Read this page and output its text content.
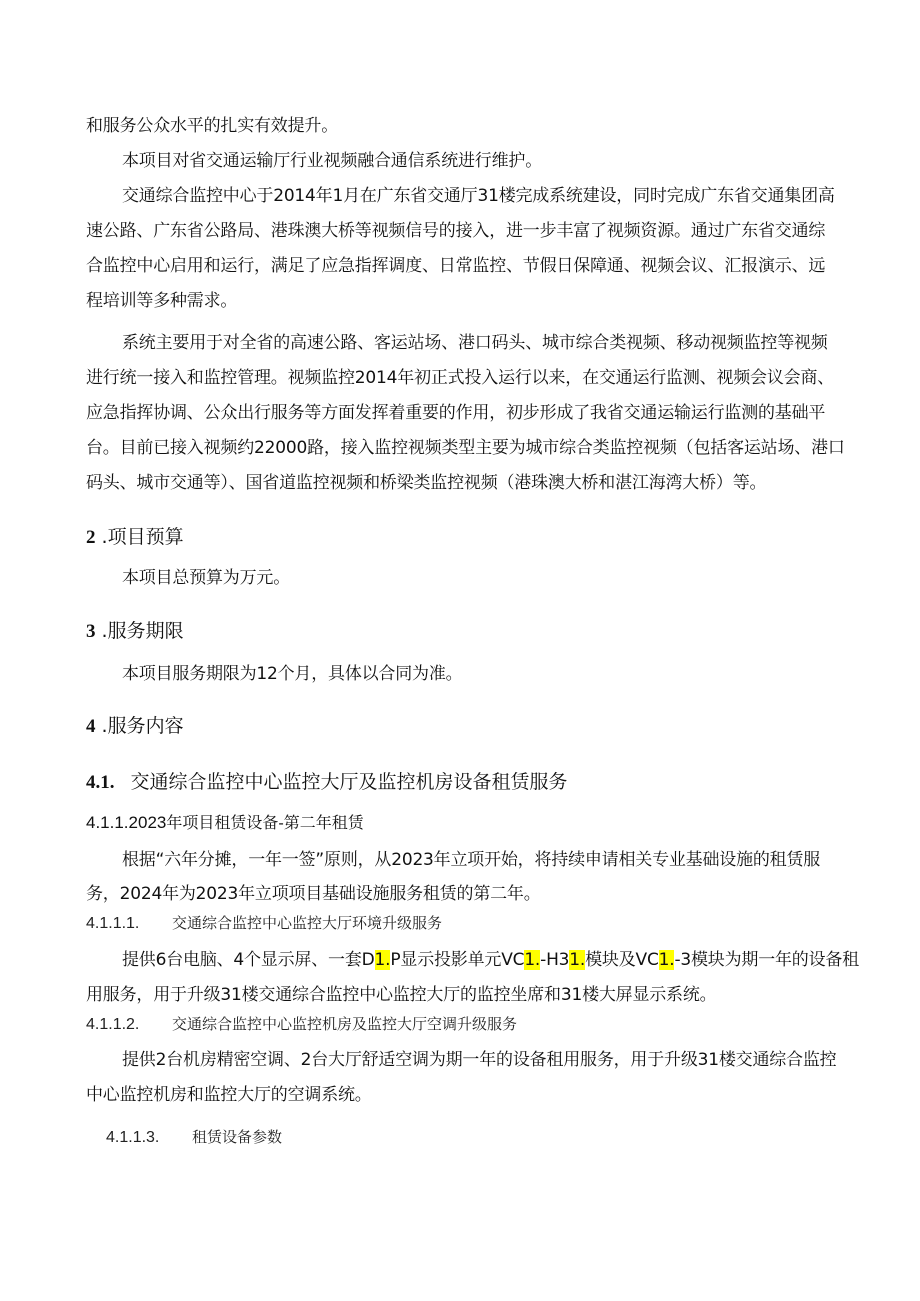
和服务公众水平的扎实有效提升。
本项目对省交通运输厅行业视频融合通信系统进行维护。
交通综合监控中心于2014年1月在广东省交通厅31楼完成系统建设，同时完成广东省交通集团高
速公路、广东省公路局、港珠澳大桥等视频信号的接入，进一步丰富了视频资源。通过广东省交通综
合监控中心启用和运行，满足了应急指挥调度、日常监控、节假日保障通、视频会议、汇报演示、远
程培训等多种需求。
系统主要用于对全省的高速公路、客运站场、港口码头、城市综合类视频、移动视频监控等视频
进行统一接入和监控管理。视频监控2014年初正式投入运行以来，在交通运行监测、视频会议会商、
应急指挥协调、公众出行服务等方面发挥着重要的作用，初步形成了我省交通运输运行监测的基础平
台。目前已接入视频约22000路，接入监控视频类型主要为城市综合类监控视频（包括客运站场、港口
码头、城市交通等）、国省道监控视频和桥梁类监控视频（港珠澳大桥和湛江海湾大桥）等。
2 .项目预算
本项目总预算为万元。
3 .服务期限
本项目服务期限为12个月，具体以合同为准。
4 .服务内容
4.1. 交通综合监控中心监控大厅及监控机房设备租赁服务
4.1.1.2023年项目租赁设备-第二年租赁
根据“六年分摊，一年一签”原则，从2023年立项开始，将持续申请相关专业基础设施的租赁服
务，2024年为2023年立项项目基础设施服务租赁的第二年。
4.1.1.1. 交通综合监控中心监控大厅环境升级服务
提供6台电脑、4个显示屏、一套D1.P显示投影单元VC1.-H31.模块及VC1.-3模块为期一年的设备租
用服务，用于升级31楼交通综合监控中心监控大厅的监控坐席和31楼大屏显示系统。
4.1.1.2. 交通综合监控中心监控机房及监控大厅空调升级服务
提供2台机房精密空调、2台大厅舒适空调为期一年的设备租用服务，用于升级31楼交通综合监控
中心监控机房和监控大厅的空调系统。
4.1.1.3. 租赁设备参数
